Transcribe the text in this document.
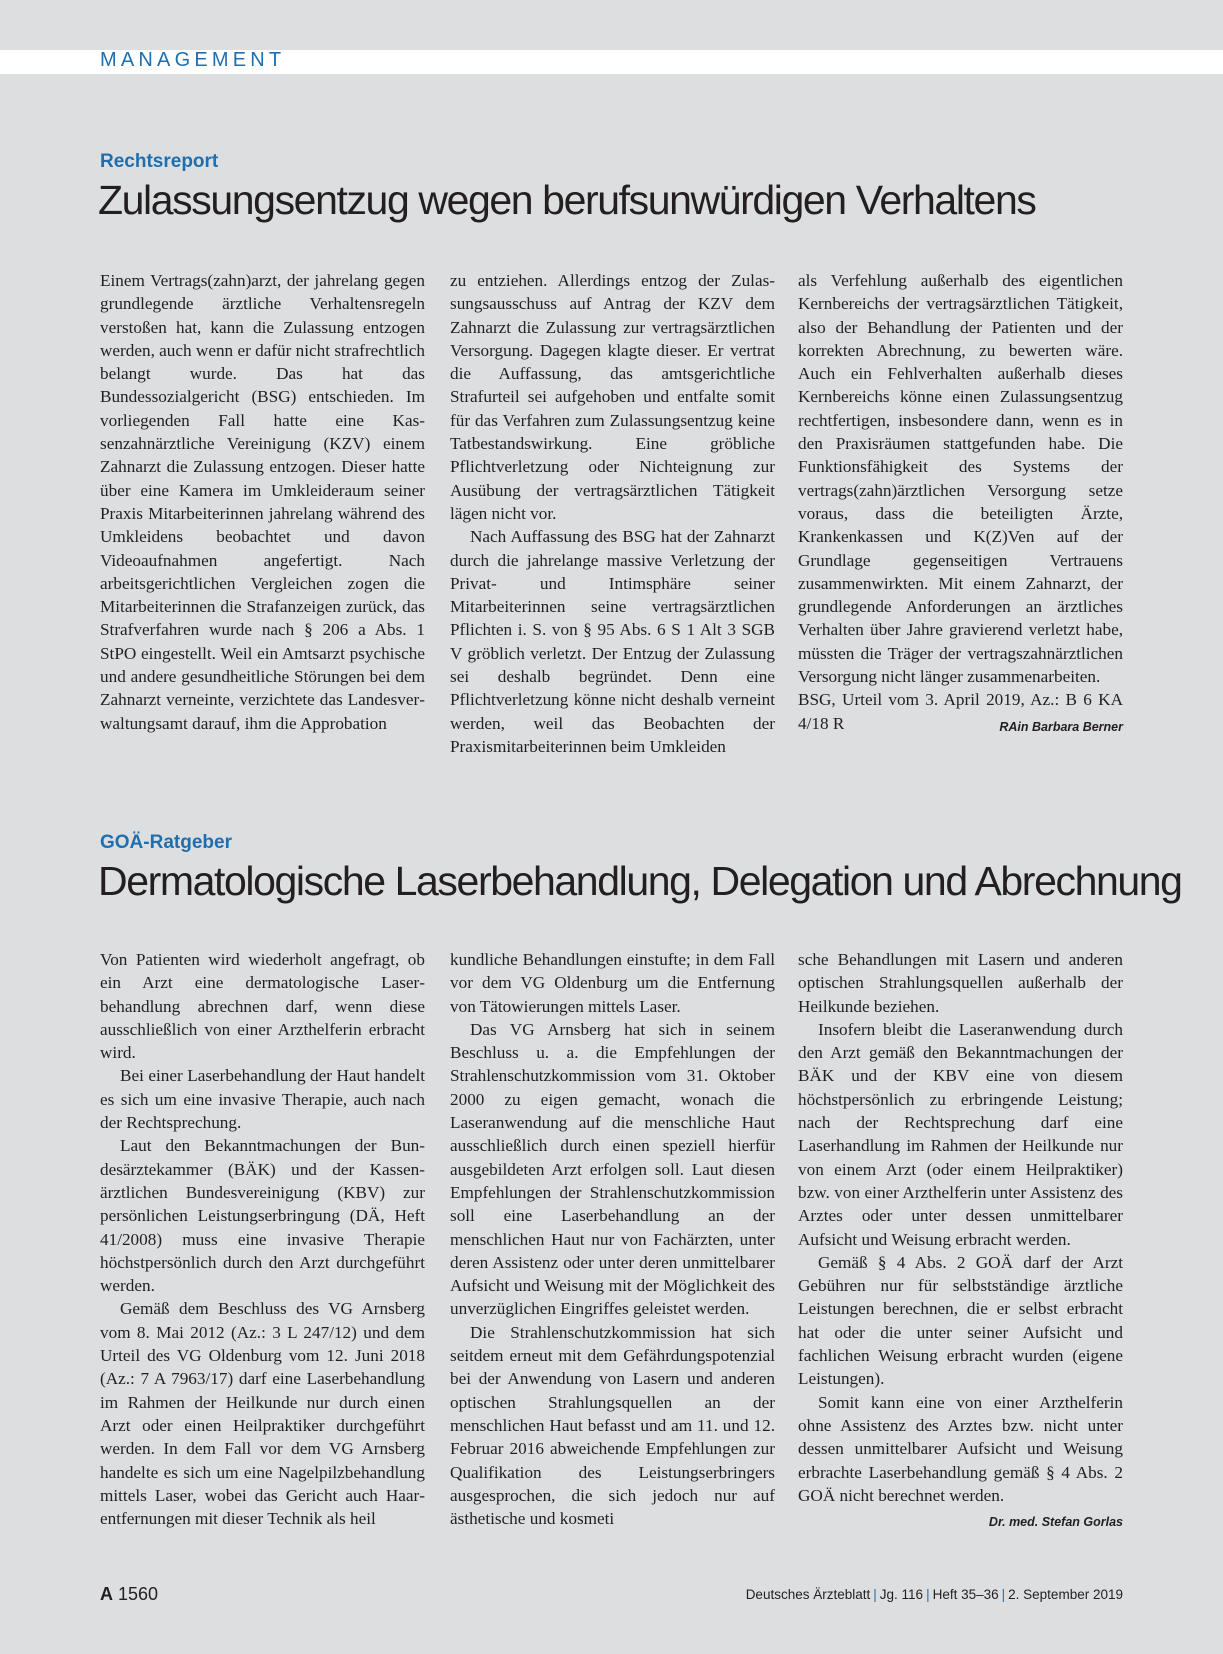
MANAGEMENT
Rechtsreport
Zulassungsentzug wegen berufsunwürdigen Verhaltens

Einem Vertrags(zahn)arzt, der jahrelang gegen grundlegende ärztliche Verhaltensregeln verstoßen hat, kann die Zulassung entzogen werden, auch wenn er dafür nicht strafrechtlich belangt wurde. Das hat das Bundessozialgericht (BSG) entschieden. Im vorliegenden Fall hatte eine Kassenzahnärztliche Vereinigung (KZV) einem Zahnarzt die Zulassung entzogen. Dieser hatte über eine Kamera im Umkleideraum seiner Praxis Mitarbeiterinnen jahrelang während des Umkleidens beobachtet und davon Videoaufnahmen angefertigt. Nach arbeitsgerichtlichen Vergleichen zogen die Mitarbeiterinnen die Strafanzeigen zurück, das Strafverfahren wurde nach § 206 a Abs. 1 StPO eingestellt. Weil ein Amtsarzt psychische und andere gesundheitliche Störungen bei dem Zahnarzt verneinte, verzichtete das Landesverwaltungsamt darauf, ihm die Approbation

zu entziehen. Allerdings entzog der Zulassungsausschuss auf Antrag der KZV dem Zahnarzt die Zulassung zur vertragsärztlichen Versorgung. Dagegen klagte dieser. Er vertrat die Auffassung, das amtsgerichtliche Strafurteil sei aufgehoben und entfalte somit für das Verfahren zum Zulassungsentzug keine Tatbestandswirkung. Eine gröbliche Pflichtverletzung oder Nichteignung zur Ausübung der vertragsärztlichen Tätigkeit lägen nicht vor.

Nach Auffassung des BSG hat der Zahnarzt durch die jahrelange massive Verletzung der Privat- und Intimsphäre seiner Mitarbeiterinnen seine vertragsärztlichen Pflichten i. S. von § 95 Abs. 6 S 1 Alt 3 SGB V gröblich verletzt. Der Entzug der Zulassung sei deshalb begründet. Denn eine Pflichtverletzung könne nicht deshalb verneint werden, weil das Beobachten der Praxismitarbeiterinnen beim Umkleiden

als Verfehlung außerhalb des eigentlichen Kernbereichs der vertragsärztlichen Tätigkeit, also der Behandlung der Patienten und der korrekten Abrechnung, zu bewerten wäre. Auch ein Fehlverhalten außerhalb dieses Kernbereichs könne einen Zulassungsentzug rechtfertigen, insbesondere dann, wenn es in den Praxisräumen stattgefunden habe. Die Funktionsfähigkeit des Systems der vertrags(zahn)ärztlichen Versorgung setze voraus, dass die beteiligten Ärzte, Krankenkassen und K(Z)Ven auf der Grundlage gegenseitigen Vertrauens zusammenwirkten. Mit einem Zahnarzt, der grundlegende Anforderungen an ärztliches Verhalten über Jahre gravierend verletzt habe, müssten die Träger der vertragszahnärztlichen Versorgung nicht länger zusammenarbeiten.

BSG, Urteil vom 3. April 2019, Az.: B 6 KA 4/18 R	RAin Barbara Berner

GOÄ-Ratgeber
Dermatologische Laserbehandlung, Delegation und Abrechnung

Von Patienten wird wiederholt angefragt, ob ein Arzt eine dermatologische Laserbehandlung abrechnen darf, wenn diese ausschließlich von einer Arzthelferin erbracht wird.

Bei einer Laserbehandlung der Haut handelt es sich um eine invasive Therapie, auch nach der Rechtsprechung.

Laut den Bekanntmachungen der Bundesärztekammer (BÄK) und der Kassenärztlichen Bundesvereinigung (KBV) zur persönlichen Leistungserbringung (DÄ, Heft 41/2008) muss eine invasive Therapie höchstpersönlich durch den Arzt durchgeführt werden.

Gemäß dem Beschluss des VG Arnsberg vom 8. Mai 2012 (Az.: 3 L 247/12) und dem Urteil des VG Oldenburg vom 12. Juni 2018 (Az.: 7 A 7963/17) darf eine Laserbehandlung im Rahmen der Heilkunde nur durch einen Arzt oder einen Heilpraktiker durchgeführt werden. In dem Fall vor dem VG Arnsberg handelte es sich um eine Nagelpilzbehandlung mittels Laser, wobei das Gericht auch Haarentfernungen mit dieser Technik als heil

kundliche Behandlungen einstufte; in dem Fall vor dem VG Oldenburg um die Entfernung von Tätowierungen mittels Laser.

Das VG Arnsberg hat sich in seinem Beschluss u. a. die Empfehlungen der Strahlenschutzkommission vom 31. Oktober 2000 zu eigen gemacht, wonach die Laseranwendung auf die menschliche Haut ausschließlich durch einen speziell hierfür ausgebildeten Arzt erfolgen soll. Laut diesen Empfehlungen der Strahlenschutzkommission soll eine Laserbehandlung an der menschlichen Haut nur von Fachärzten, unter deren Assistenz oder unter deren unmittelbarer Aufsicht und Weisung mit der Möglichkeit des unverzüglichen Eingriffes geleistet werden.

Die Strahlenschutzkommission hat sich seitdem erneut mit dem Gefährdungspotenzial bei der Anwendung von Lasern und anderen optischen Strahlungsquellen an der menschlichen Haut befasst und am 11. und 12. Februar 2016 abweichende Empfehlungen zur Qualifikation des Leistungserbringers ausgesprochen, die sich jedoch nur auf ästhetische und kosmeti

sche Behandlungen mit Lasern und anderen optischen Strahlungsquellen außerhalb der Heilkunde beziehen.

Insofern bleibt die Laseranwendung durch den Arzt gemäß den Bekanntmachungen der BÄK und der KBV eine von diesem höchstpersönlich zu erbringende Leistung; nach der Rechtsprechung darf eine Laserhandlung im Rahmen der Heilkunde nur von einem Arzt (oder einem Heilpraktiker) bzw. von einer Arzthelferin unter Assistenz des Arztes oder unter dessen unmittelbarer Aufsicht und Weisung erbracht werden.

Gemäß § 4 Abs. 2 GOÄ darf der Arzt Gebühren nur für selbstständige ärztliche Leistungen berechnen, die er selbst erbracht hat oder die unter seiner Aufsicht und fachlichen Weisung erbracht wurden (eigene Leistungen).

Somit kann eine von einer Arzthelferin ohne Assistenz des Arztes bzw. nicht unter dessen unmittelbarer Aufsicht und Weisung erbrachte Laserbehandlung gemäß § 4 Abs. 2 GOÄ nicht berechnet werden.
Dr. med. Stefan Gorlas

A 1560	Deutsches Ärzteblatt | Jg. 116 | Heft 35–36 | 2. September 2019
